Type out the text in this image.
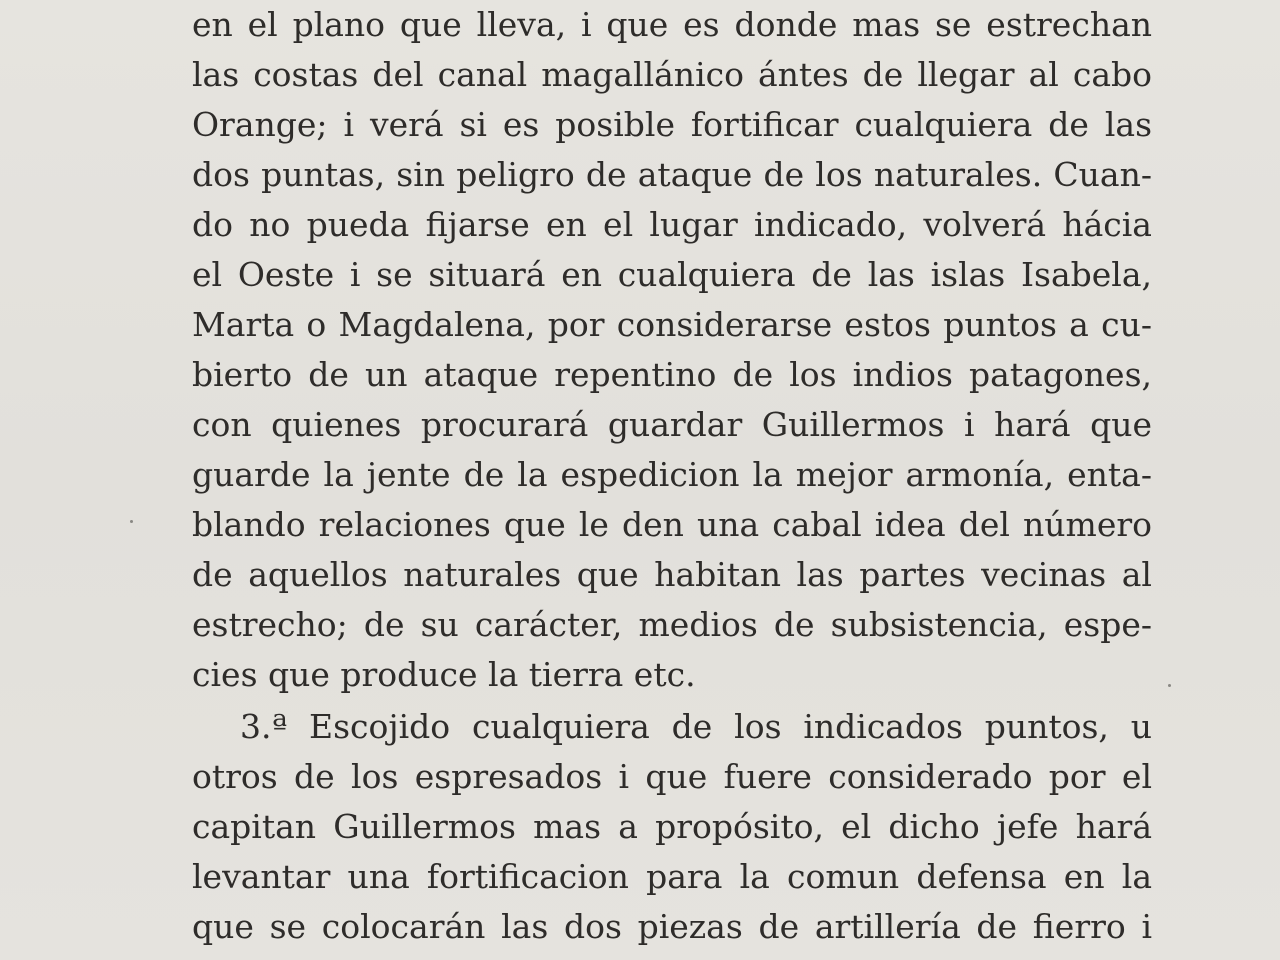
en el plano que lleva, i que es donde mas se estrechan
las costas del canal magallánico ántes de llegar al cabo
Orange; i verá si es posible fortificar cualquiera de las
dos puntas, sin peligro de ataque de los naturales. Cuan-
do no pueda fijarse en el lugar indicado, volverá hácia
el Oeste i se situará en cualquiera de las islas Isabela,
Marta o Magdalena, por considerarse estos puntos a cu-
bierto de un ataque repentino de los indios patagones,
con quienes procurará guardar Guillermos i hará que
guarde la jente de la espedicion la mejor armonía, enta-
blando relaciones que le den una cabal idea del número
de aquellos naturales que habitan las partes vecinas al
estrecho; de su carácter, medios de subsistencia, espe-
cies que produce la tierra etc.
3.ª Escojido cualquiera de los indicados puntos, u
otros de los espresados i que fuere considerado por el
capitan Guillermos mas a propósito, el dicho jefe hará
levantar una fortificacion para la comun defensa en la
que se colocarán las dos piezas de artillería de fierro i
